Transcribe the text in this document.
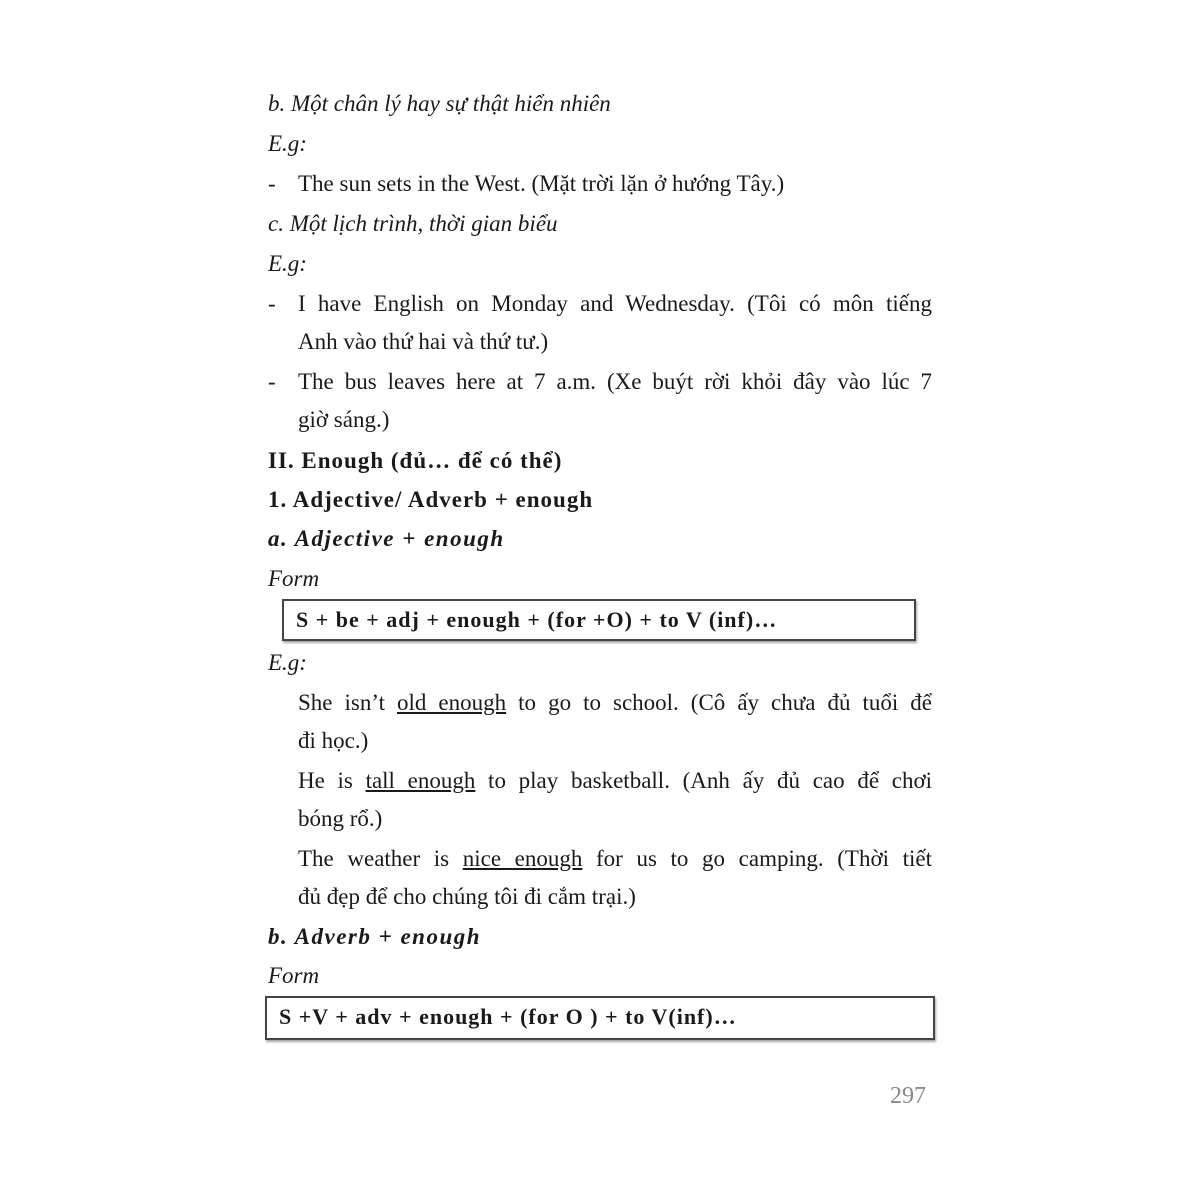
b. Một chân lý hay sự thật hiển nhiên
E.g:
- The sun sets in the West. (Mặt trời lặn ở hướng Tây.)
c. Một lịch trình, thời gian biểu
E.g:
- I have English on Monday and Wednesday. (Tôi có môn tiếng
Anh vào thứ hai và thứ tư.)
- The bus leaves here at 7 a.m. (Xe buýt rời khỏi đây vào lúc 7
giờ sáng.)
II. Enough (đủ… để có thể)
1. Adjective/ Adverb + enough
a. Adjective + enough
Form
S + be + adj + enough + (for +O) + to V (inf)…
E.g:
She isn’t old enough to go to school. (Cô ấy chưa đủ tuổi để
đi học.)
He is tall enough to play basketball. (Anh ấy đủ cao để chơi
bóng rổ.)
The weather is nice enough for us to go camping. (Thời tiết
đủ đẹp để cho chúng tôi đi cắm trại.)
b. Adverb + enough
Form
S +V + adv + enough + (for O ) + to V(inf)…
297
